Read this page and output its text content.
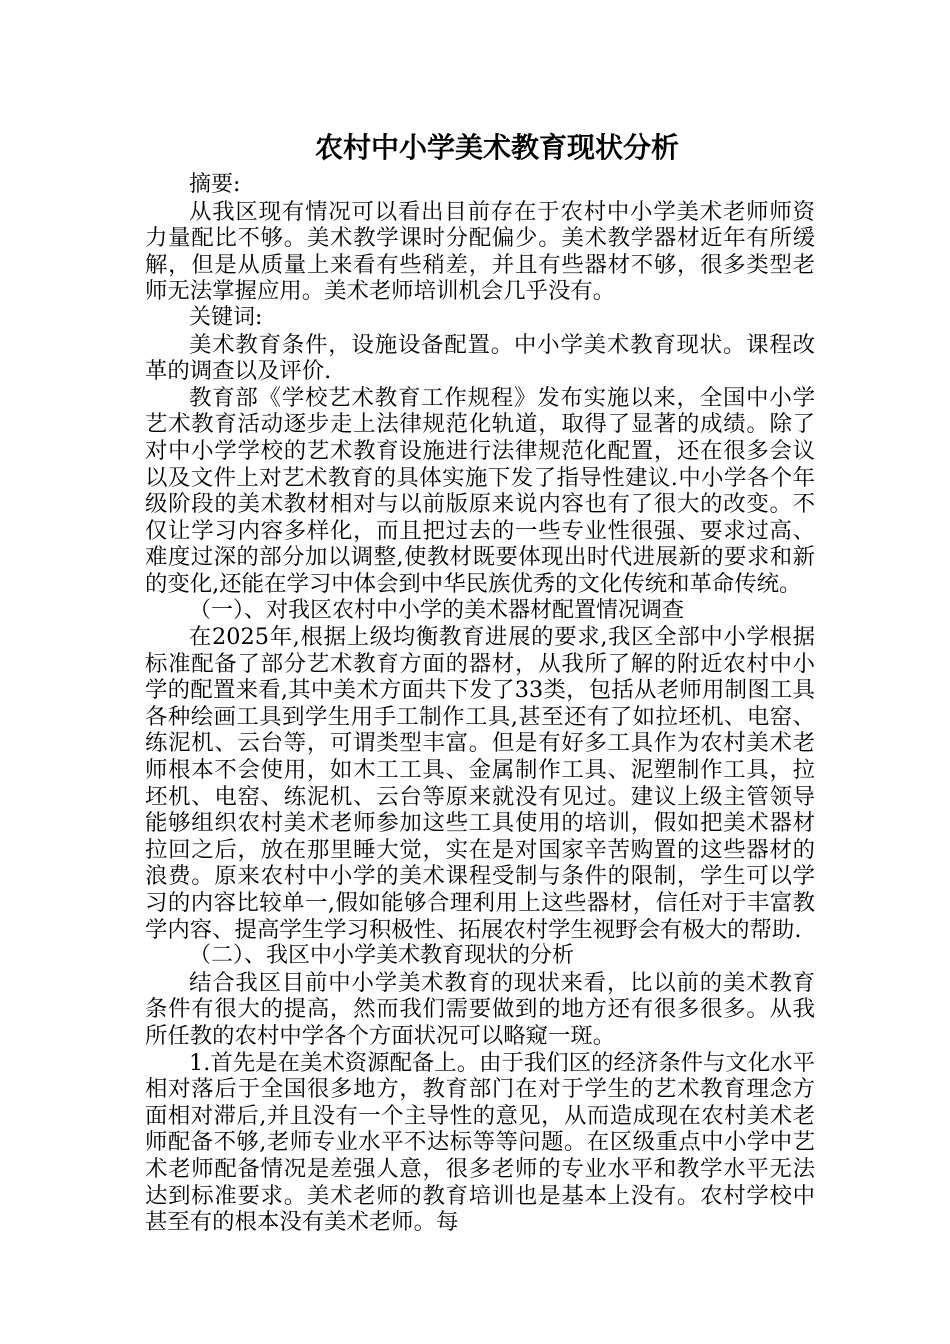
农村中小学美术教育现状分析

摘要:

从我区现有情况可以看出目前存在于农村中小学美术老师师资力量配比不够。美术教学课时分配偏少。美术教学器材近年有所缓解，但是从质量上来看有些稍差，并且有些器材不够，很多类型老师无法掌握应用。美术老师培训机会几乎没有。

关键词:

美术教育条件，设施设备配置。中小学美术教育现状。课程改革的调查以及评价.

教育部《学校艺术教育工作规程》发布实施以来，全国中小学艺术教育活动逐步走上法律规范化轨道，取得了显著的成绩。除了对中小学学校的艺术教育设施进行法律规范化配置，还在很多会议以及文件上对艺术教育的具体实施下发了指导性建议.中小学各个年级阶段的美术教材相对与以前版原来说内容也有了很大的改变。不仅让学习内容多样化，而且把过去的一些专业性很强、要求过高、难度过深的部分加以调整,使教材既要体现出时代进展新的要求和新的变化,还能在学习中体会到中华民族优秀的文化传统和革命传统。

（一）、对我区农村中小学的美术器材配置情况调查

在2025年,根据上级均衡教育进展的要求,我区全部中小学根据标准配备了部分艺术教育方面的器材，从我所了解的附近农村中小学的配置来看,其中美术方面共下发了33类，包括从老师用制图工具各种绘画工具到学生用手工制作工具,甚至还有了如拉坯机、电窑、练泥机、云台等，可谓类型丰富。但是有好多工具作为农村美术老师根本不会使用，如木工工具、金属制作工具、泥塑制作工具，拉坯机、电窑、练泥机、云台等原来就没有见过。建议上级主管领导能够组织农村美术老师参加这些工具使用的培训，假如把美术器材拉回之后，放在那里睡大觉，实在是对国家辛苦购置的这些器材的浪费。原来农村中小学的美术课程受制与条件的限制，学生可以学习的内容比较单一,假如能够合理利用上这些器材，信任对于丰富教学内容、提高学生学习积极性、拓展农村学生视野会有极大的帮助.

（二）、我区中小学美术教育现状的分析

结合我区目前中小学美术教育的现状来看，比以前的美术教育条件有很大的提高，然而我们需要做到的地方还有很多很多。从我所任教的农村中学各个方面状况可以略窥一斑。

1.首先是在美术资源配备上。由于我们区的经济条件与文化水平相对落后于全国很多地方，教育部门在对于学生的艺术教育理念方面相对滞后,并且没有一个主导性的意见，从而造成现在农村美术老师配备不够,老师专业水平不达标等等问题。在区级重点中小学中艺术老师配备情况是差强人意，很多老师的专业水平和教学水平无法达到标准要求。美术老师的教育培训也是基本上没有。农村学校中甚至有的根本没有美术老师。每
